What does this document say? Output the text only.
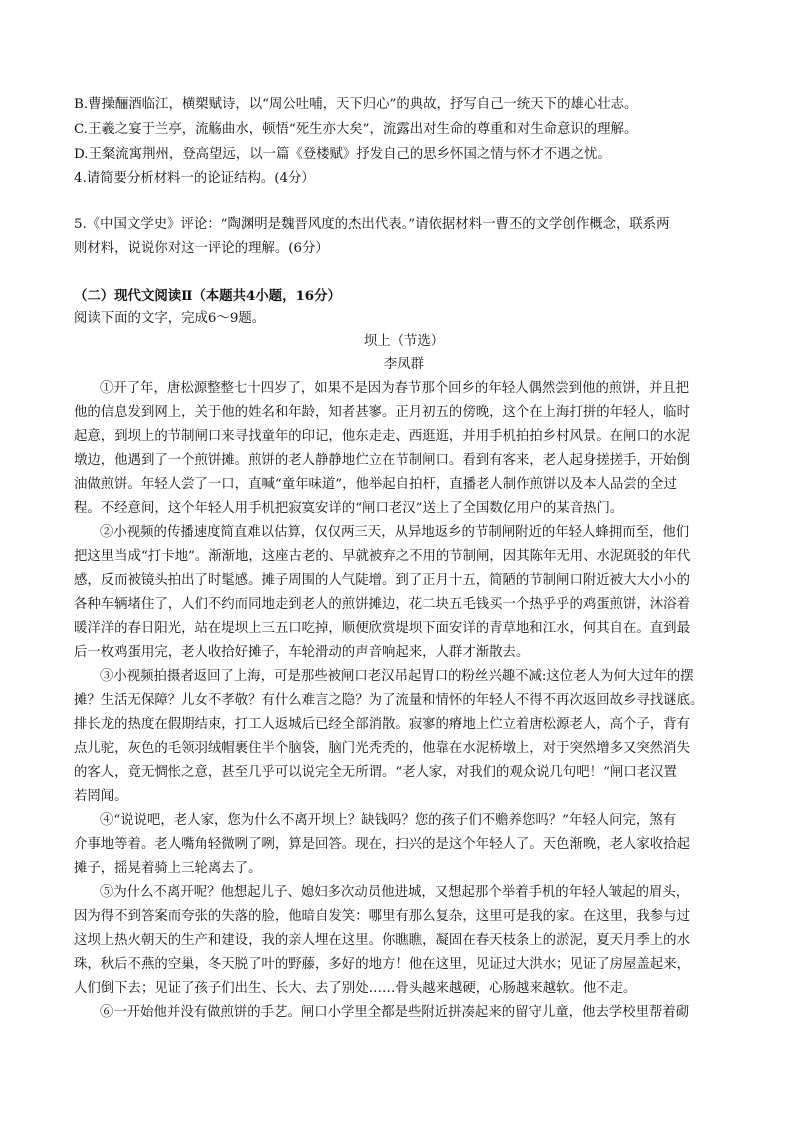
B.曹操酾酒临江，横槊赋诗，以“周公吐哺，天下归心”的典故，抒写自己一统天下的雄心壮志。
C.王羲之宴于兰亭，流觞曲水，顿悟“死生亦大矣”，流露出对生命的尊重和对生命意识的理解。
D.王粲流寓荆州，登高望远，以一篇《登楼赋》抒发自己的思乡怀国之情与怀才不遇之忧。
4.请简要分析材料一的论证结构。(4分）
5.《中国文学史》评论：“陶渊明是魏晋风度的杰出代表。”请依据材料一曹丕的文学创作概念，联系两
则材料，说说你对这一评论的理解。(6分）
（二）现代文阅读Ⅱ（本题共4小题，16分）
阅读下面的文字，完成6～9题。
坝上（节选）
李凤群
①开了年，唐松源整整七十四岁了，如果不是因为春节那个回乡的年轻人偶然尝到他的煎饼，并且把
他的信息发到网上，关于他的姓名和年龄，知者甚寥。正月初五的傍晚，这个在上海打拼的年轻人，临时
起意，到坝上的节制闸口来寻找童年的印记，他东走走、西逛逛，并用手机拍拍乡村风景。在闸口的水泥
墩边，他遇到了一个煎饼摊。煎饼的老人静静地伫立在节制闸口。看到有客来，老人起身搓搓手，开始倒
油做煎饼。年轻人尝了一口，直喊“童年味道”，他举起自拍杆，直播老人制作煎饼以及本人品尝的全过
程。不经意间，这个年轻人用手机把寂寞安详的“闸口老汉”送上了全国数亿用户的某音热门。
②小视频的传播速度简直难以估算，仅仅两三天，从异地返乡的节制闸附近的年轻人蜂拥而至，他们
把这里当成“打卡地”。渐渐地，这座古老的、早就被弃之不用的节制闸，因其陈年无用、水泥斑驳的年代
感，反而被镜头拍出了时髦感。摊子周围的人气陡增。到了正月十五，简陋的节制闸口附近被大大小小的
各种车辆堵住了，人们不约而同地走到老人的煎饼摊边，花二块五毛钱买一个热乎乎的鸡蛋煎饼，沐浴着
暖洋洋的春日阳光，站在堤坝上三五口吃掉，顺便欣赏堤坝下面安详的青草地和江水，何其自在。直到最
后一枚鸡蛋用完，老人收拾好摊子，车轮滑动的声音响起来，人群才渐散去。
③小视频拍摄者返回了上海，可是那些被闸口老汉吊起胃口的粉丝兴趣不减:这位老人为何大过年的摆
摊？生活无保障？儿女不孝敬？有什么难言之隐？为了流量和情怀的年轻人不得不再次返回故乡寻找谜底。
排长龙的热度在假期结束，打工人返城后已经全部消散。寂寥的瘠地上伫立着唐松源老人，高个子，背有
点儿驼，灰色的毛领羽绒帽裹住半个脑袋，脑门光秃秃的，他靠在水泥桥墩上，对于突然增多又突然消失
的客人，竟无惆怅之意，甚至几乎可以说完全无所谓。“老人家，对我们的观众说几句吧！”闸口老汉置
若罔闻。
④“说说吧，老人家，您为什么不离开坝上？缺钱吗？您的孩子们不赡养您吗？”年轻人问完，煞有
介事地等着。老人嘴角轻微咧了咧，算是回答。现在，扫兴的是这个年轻人了。天色渐晚，老人家收拾起
摊子，摇晃着骑上三轮离去了。
⑤为什么不离开呢？他想起儿子、媳妇多次动员他进城，又想起那个举着手机的年轻人皱起的眉头，
因为得不到答案而夸张的失落的脸，他暗自发笑：哪里有那么复杂，这里可是我的家。在这里，我参与过
这坝上热火朝天的生产和建设，我的亲人埋在这里。你瞧瞧，凝固在春天枝条上的淤泥，夏天月季上的水
珠，秋后不燕的空巢，冬天脱了叶的野藤，多好的地方！他在这里，见证过大洪水；见证了房屋盖起来，
人们倒下去；见证了孩子们出生、长大、去了别处……骨头越来越硬，心肠越来越软。他不走。
⑥一开始他并没有做煎饼的手艺。闸口小学里全都是些附近拼凑起来的留守儿童，他去学校里帮着砌
